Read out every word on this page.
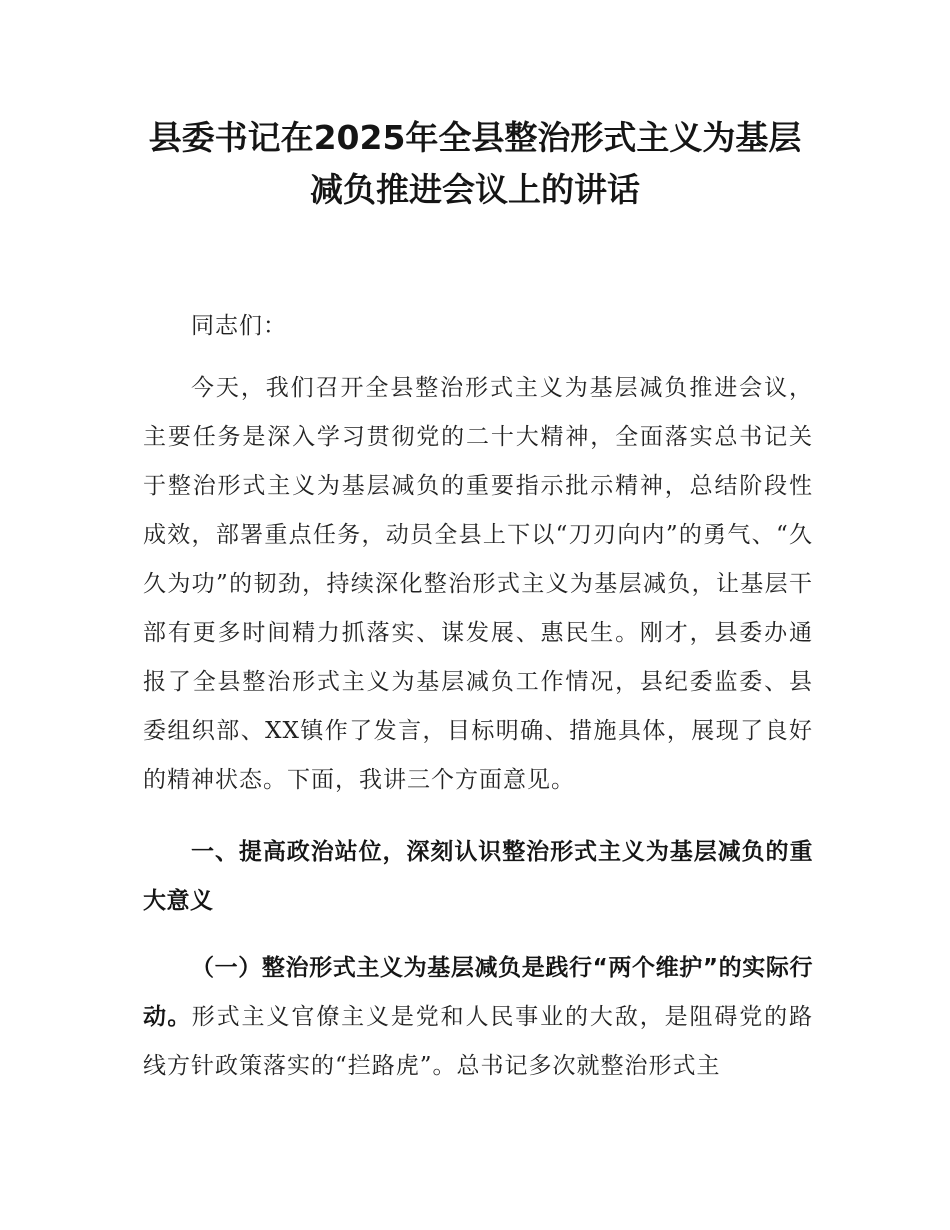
县委书记在2025年全县整治形式主义为基层
减负推进会议上的讲话
同志们：
今天，我们召开全县整治形式主义为基层减负推进会议，主要任务是深入学习贯彻党的二十大精神，全面落实总书记关于整治形式主义为基层减负的重要指示批示精神，总结阶段性成效，部署重点任务，动员全县上下以“刀刃向内”的勇气、“久久为功”的韧劲，持续深化整治形式主义为基层减负，让基层干部有更多时间精力抓落实、谋发展、惠民生。刚才，县委办通报了全县整治形式主义为基层减负工作情况，县纪委监委、县委组织部、XX镇作了发言，目标明确、措施具体，展现了良好的精神状态。下面，我讲三个方面意见。
一、提高政治站位，深刻认识整治形式主义为基层减负的重大意义
（一）整治形式主义为基层减负是践行“两个维护”的实际行动。形式主义官僚主义是党和人民事业的大敌，是阻碍党的路线方针政策落实的“拦路虎”。总书记多次就整治形式主
